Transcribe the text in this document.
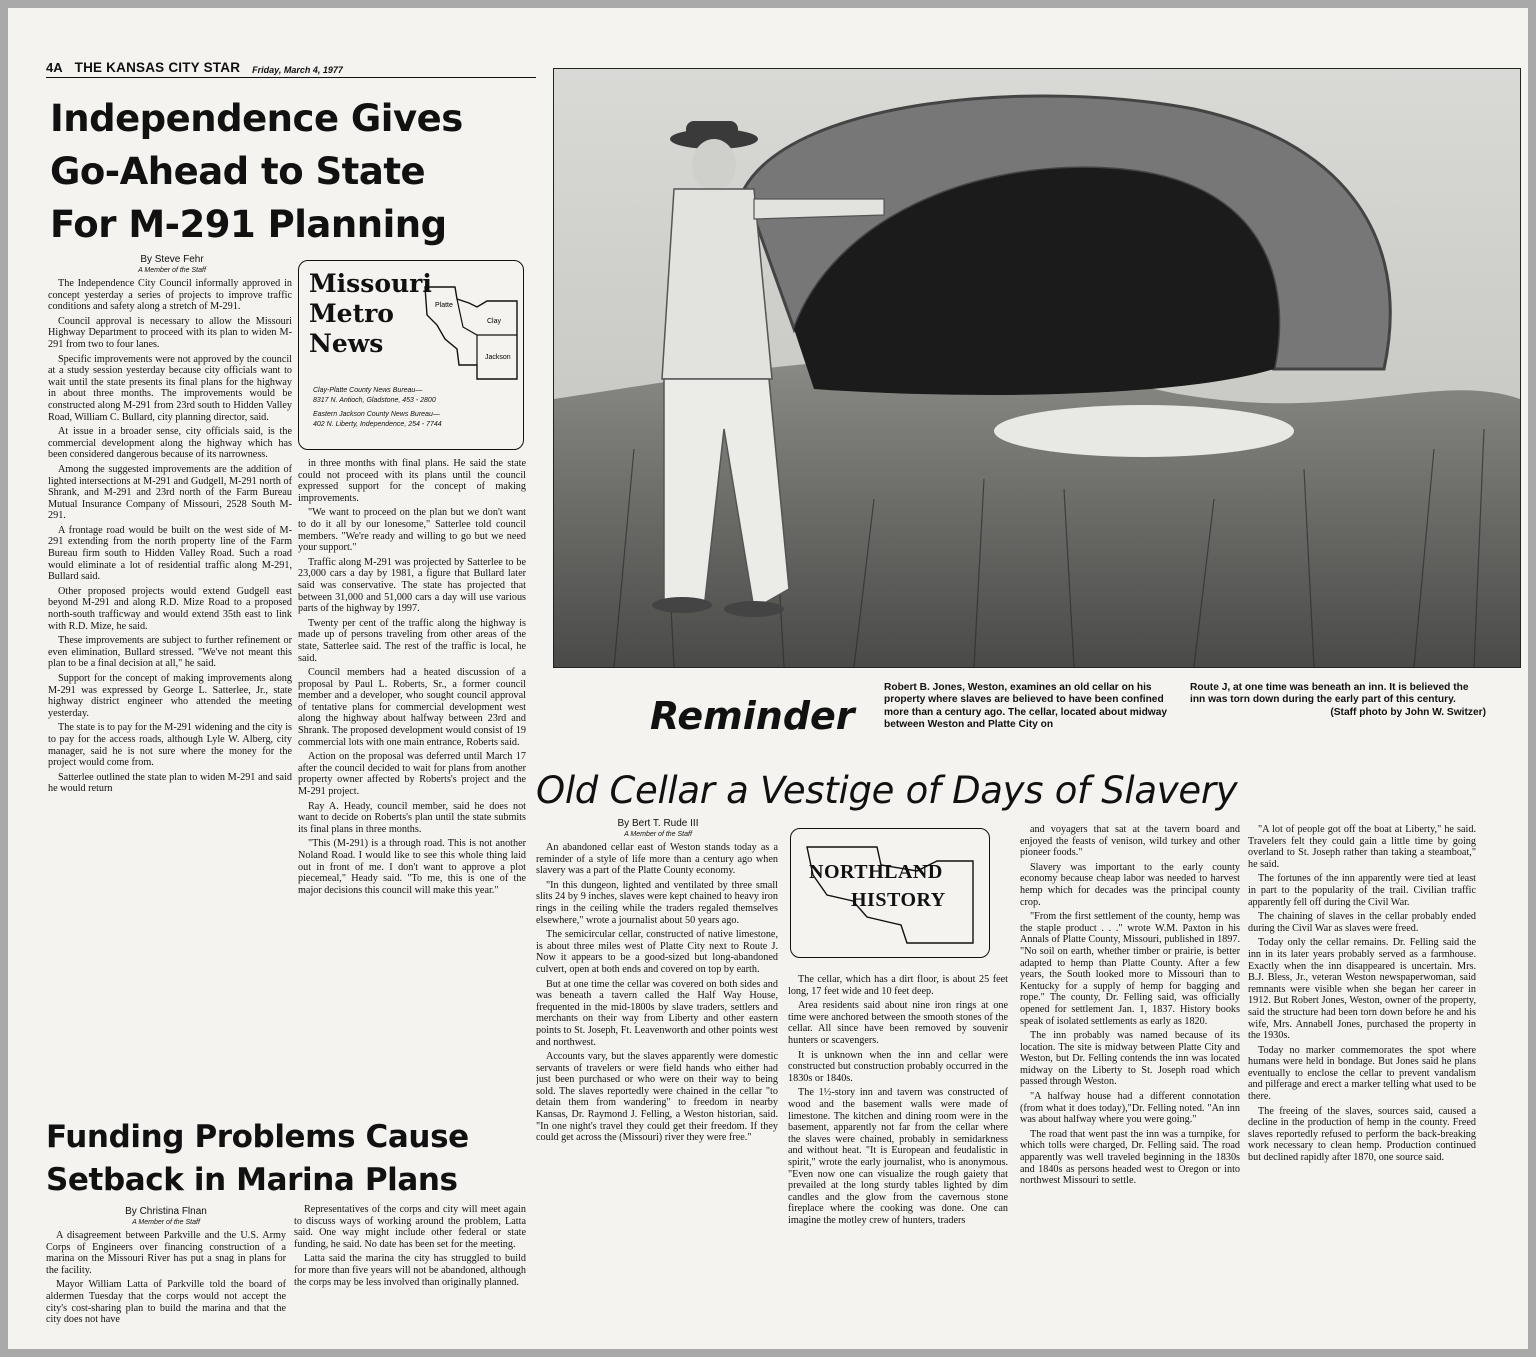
4A THE KANSAS CITY STAR Friday, March 4, 1977
Independence Gives
Go-Ahead to State
For M-291 Planning
By Steve Fehr
A Member of the Staff

The Independence City Council informally approved in concept yesterday a series of projects to improve traffic conditions and safety along a stretch of M-291.

Council approval is necessary to allow the Missouri Highway Department to proceed with its plan to widen M-291 from two to four lanes.

Specific improvements were not approved by the council at a study session yesterday because city officials want to wait until the state presents its final plans for the highway in about three months. The improvements would be constructed along M-291 from 23rd south to Hidden Valley Road, William C. Bullard, city planning director, said.

At issue in a broader sense, city officials said, is the commercial development along the highway which has been considered dangerous because of its narrowness.

Among the suggested improvements are the addition of lighted intersections at M-291 and Gudgell, M-291 north of Shrank, and M-291 and 23rd north of the Farm Bureau Mutual Insurance Company of Missouri, 2528 South M-291.

A frontage road would be built on the west side of M-291 extending from the north property line of the Farm Bureau firm south to Hidden Valley Road. Such a road would eliminate a lot of residential traffic along M-291, Bullard said.

Other proposed projects would extend Gudgell east beyond M-291 and along R.D. Mize Road to a proposed north-south trafficway and would extend 35th east to link with R.D. Mize, he said.

These improvements are subject to further refinement or even elimination, Bullard stressed. "We've not meant this plan to be a final decision at all," he said.

Support for the concept of making improvements along M-291 was expressed by George L. Satterlee, Jr., state highway district engineer who attended the meeting yesterday.

The state is to pay for the M-291 widening and the city is to pay for the access roads, although Lyle W. Alberg, city manager, said he is not sure where the money for the project would come from.

Satterlee outlined the state plan to widen M-291 and said he would return

Missouri
Metro
News
Platte
Clay
Jackson
Clay-Platte County News Bureau—
8317 N. Antioch, Gladstone, 453 - 2800
Eastern Jackson County News Bureau—
402 N. Liberty, Independence, 254 - 7744

in three months with final plans. He said the state could not proceed with its plans until the council expressed support for the concept of making improvements.

"We want to proceed on the plan but we don't want to do it all by our lonesome," Satterlee told council members. "We're ready and willing to go but we need your support."

Traffic along M-291 was projected by Satterlee to be 23,000 cars a day by 1981, a figure that Bullard later said was conservative. The state has projected that between 31,000 and 51,000 cars a day will use various parts of the highway by 1997.

Twenty per cent of the traffic along the highway is made up of persons traveling from other areas of the state, Satterlee said. The rest of the traffic is local, he said.

Council members had a heated discussion of a proposal by Paul L. Roberts, Sr., a former council member and a developer, who sought council approval of tentative plans for commercial development west along the highway about halfway between 23rd and Shrank. The proposed development would consist of 19 commercial lots with one main entrance, Roberts said.

Action on the proposal was deferred until March 17 after the council decided to wait for plans from another property owner affected by Roberts's project and the M-291 project.

Ray A. Heady, council member, said he does not want to decide on Roberts's plan until the state submits its final plans in three months.

"This (M-291) is a through road. This is not another Noland Road. I would like to see this whole thing laid out in front of me. I don't want to approve a plot piecemeal," Heady said. "To me, this is one of the major decisions this council will make this year."

Reminder
Robert B. Jones, Weston, examines an old cellar on his property where slaves are believed to have been confined more than a century ago. The cellar, located about midway between Weston and Platte City on
Route J, at one time was beneath an inn. It is believed the inn was torn down during the early part of this century.
(Staff photo by John W. Switzer)
Old Cellar a Vestige of Days of Slavery
By Bert T. Rude III
A Member of the Staff

An abandoned cellar east of Weston stands today as a reminder of a style of life more than a century ago when slavery was a part of the Platte County economy.

"In this dungeon, lighted and ventilated by three small slits 24 by 9 inches, slaves were kept chained to heavy iron rings in the ceiling while the traders regaled themselves elsewhere," wrote a journalist about 50 years ago.

The semicircular cellar, constructed of native limestone, is about three miles west of Platte City next to Route J. Now it appears to be a good-sized but long-abandoned culvert, open at both ends and covered on top by earth.

But at one time the cellar was covered on both sides and was beneath a tavern called the Half Way House, frequented in the mid-1800s by slave traders, settlers and merchants on their way from Liberty and other eastern points to St. Joseph, Ft. Leavenworth and other points west and northwest.

Accounts vary, but the slaves apparently were domestic servants of travelers or were field hands who either had just been purchased or who were on their way to being sold. The slaves reportedly were chained in the cellar "to detain them from wandering" to freedom in nearby Kansas, Dr. Raymond J. Felling, a Weston historian, said. "In one night's travel they could get their freedom. If they could get across the (Missouri) river they were free."

NORTHLAND
HISTORY

The cellar, which has a dirt floor, is about 25 feet long, 17 feet wide and 10 feet deep.

Area residents said about nine iron rings at one time were anchored between the smooth stones of the cellar. All since have been removed by souvenir hunters or scavengers.

It is unknown when the inn and cellar were constructed but construction probably occurred in the 1830s or 1840s.

The 1½-story inn and tavern was constructed of wood and the basement walls were made of limestone. The kitchen and dining room were in the basement, apparently not far from the cellar where the slaves were chained, probably in semidarkness and without heat. "It is European and feudalistic in spirit," wrote the early journalist, who is anonymous. "Even now one can visualize the rough gaiety that prevailed at the long sturdy tables lighted by dim candles and the glow from the cavernous stone fireplace where the cooking was done. One can imagine the motley crew of hunters, traders

and voyagers that sat at the tavern board and enjoyed the feasts of venison, wild turkey and other pioneer foods."

Slavery was important to the early county economy because cheap labor was needed to harvest hemp which for decades was the principal county crop.

"From the first settlement of the county, hemp was the staple product . . ." wrote W.M. Paxton in his Annals of Platte County, Missouri, published in 1897. "No soil on earth, whether timber or prairie, is better adapted to hemp than Platte County. After a few years, the South looked more to Missouri than to Kentucky for a supply of hemp for bagging and rope." The county, Dr. Felling said, was officially opened for settlement Jan. 1, 1837. History books speak of isolated settlements as early as 1820.

The inn probably was named because of its location. The site is midway between Platte City and Weston, but Dr. Felling contends the inn was located midway on the Liberty to St. Joseph road which passed through Weston.

"A halfway house had a different connotation (from what it does today),"Dr. Felling noted. "An inn was about halfway where you were going."

The road that went past the inn was a turnpike, for which tolls were charged, Dr. Felling said. The road apparently was well traveled beginning in the 1830s and 1840s as persons headed west to Oregon or into northwest Missouri to settle.

"A lot of people got off the boat at Liberty," he said. Travelers felt they could gain a little time by going overland to St. Joseph rather than taking a steamboat," he said.

The fortunes of the inn apparently were tied at least in part to the popularity of the trail. Civilian traffic apparently fell off during the Civil War.

The chaining of slaves in the cellar probably ended during the Civil War as slaves were freed.

Today only the cellar remains. Dr. Felling said the inn in its later years probably served as a farmhouse. Exactly when the inn disappeared is uncertain. Mrs. B.J. Bless, Jr., veteran Weston newspaperwoman, said remnants were visible when she began her career in 1912. But Robert Jones, Weston, owner of the property, said the structure had been torn down before he and his wife, Mrs. Annabell Jones, purchased the property in the 1930s.

Today no marker commemorates the spot where humans were held in bondage. But Jones said he plans eventually to enclose the cellar to prevent vandalism and pilferage and erect a marker telling what used to be there.

The freeing of the slaves, sources said, caused a decline in the production of hemp in the county. Freed slaves reportedly refused to perform the back-breaking work necessary to clean hemp. Production continued but declined rapidly after 1870, one source said.

Funding Problems Cause
Setback in Marina Plans
By Christina Flnan
A Member of the Staff

A disagreement between Parkville and the U.S. Army Corps of Engineers over financing construction of a marina on the Missouri River has put a snag in plans for the facility.

Mayor William Latta of Parkville told the board of aldermen Tuesday that the corps would not accept the city's cost-sharing plan to build the marina and that the city does not have

Representatives of the corps and city will meet again to discuss ways of working around the problem, Latta said. One way might include other federal or state funding, he said. No date has been set for the meeting.

Latta said the marina the city has struggled to build for more than five years will not be abandoned, although the corps may be less involved than originally planned.
